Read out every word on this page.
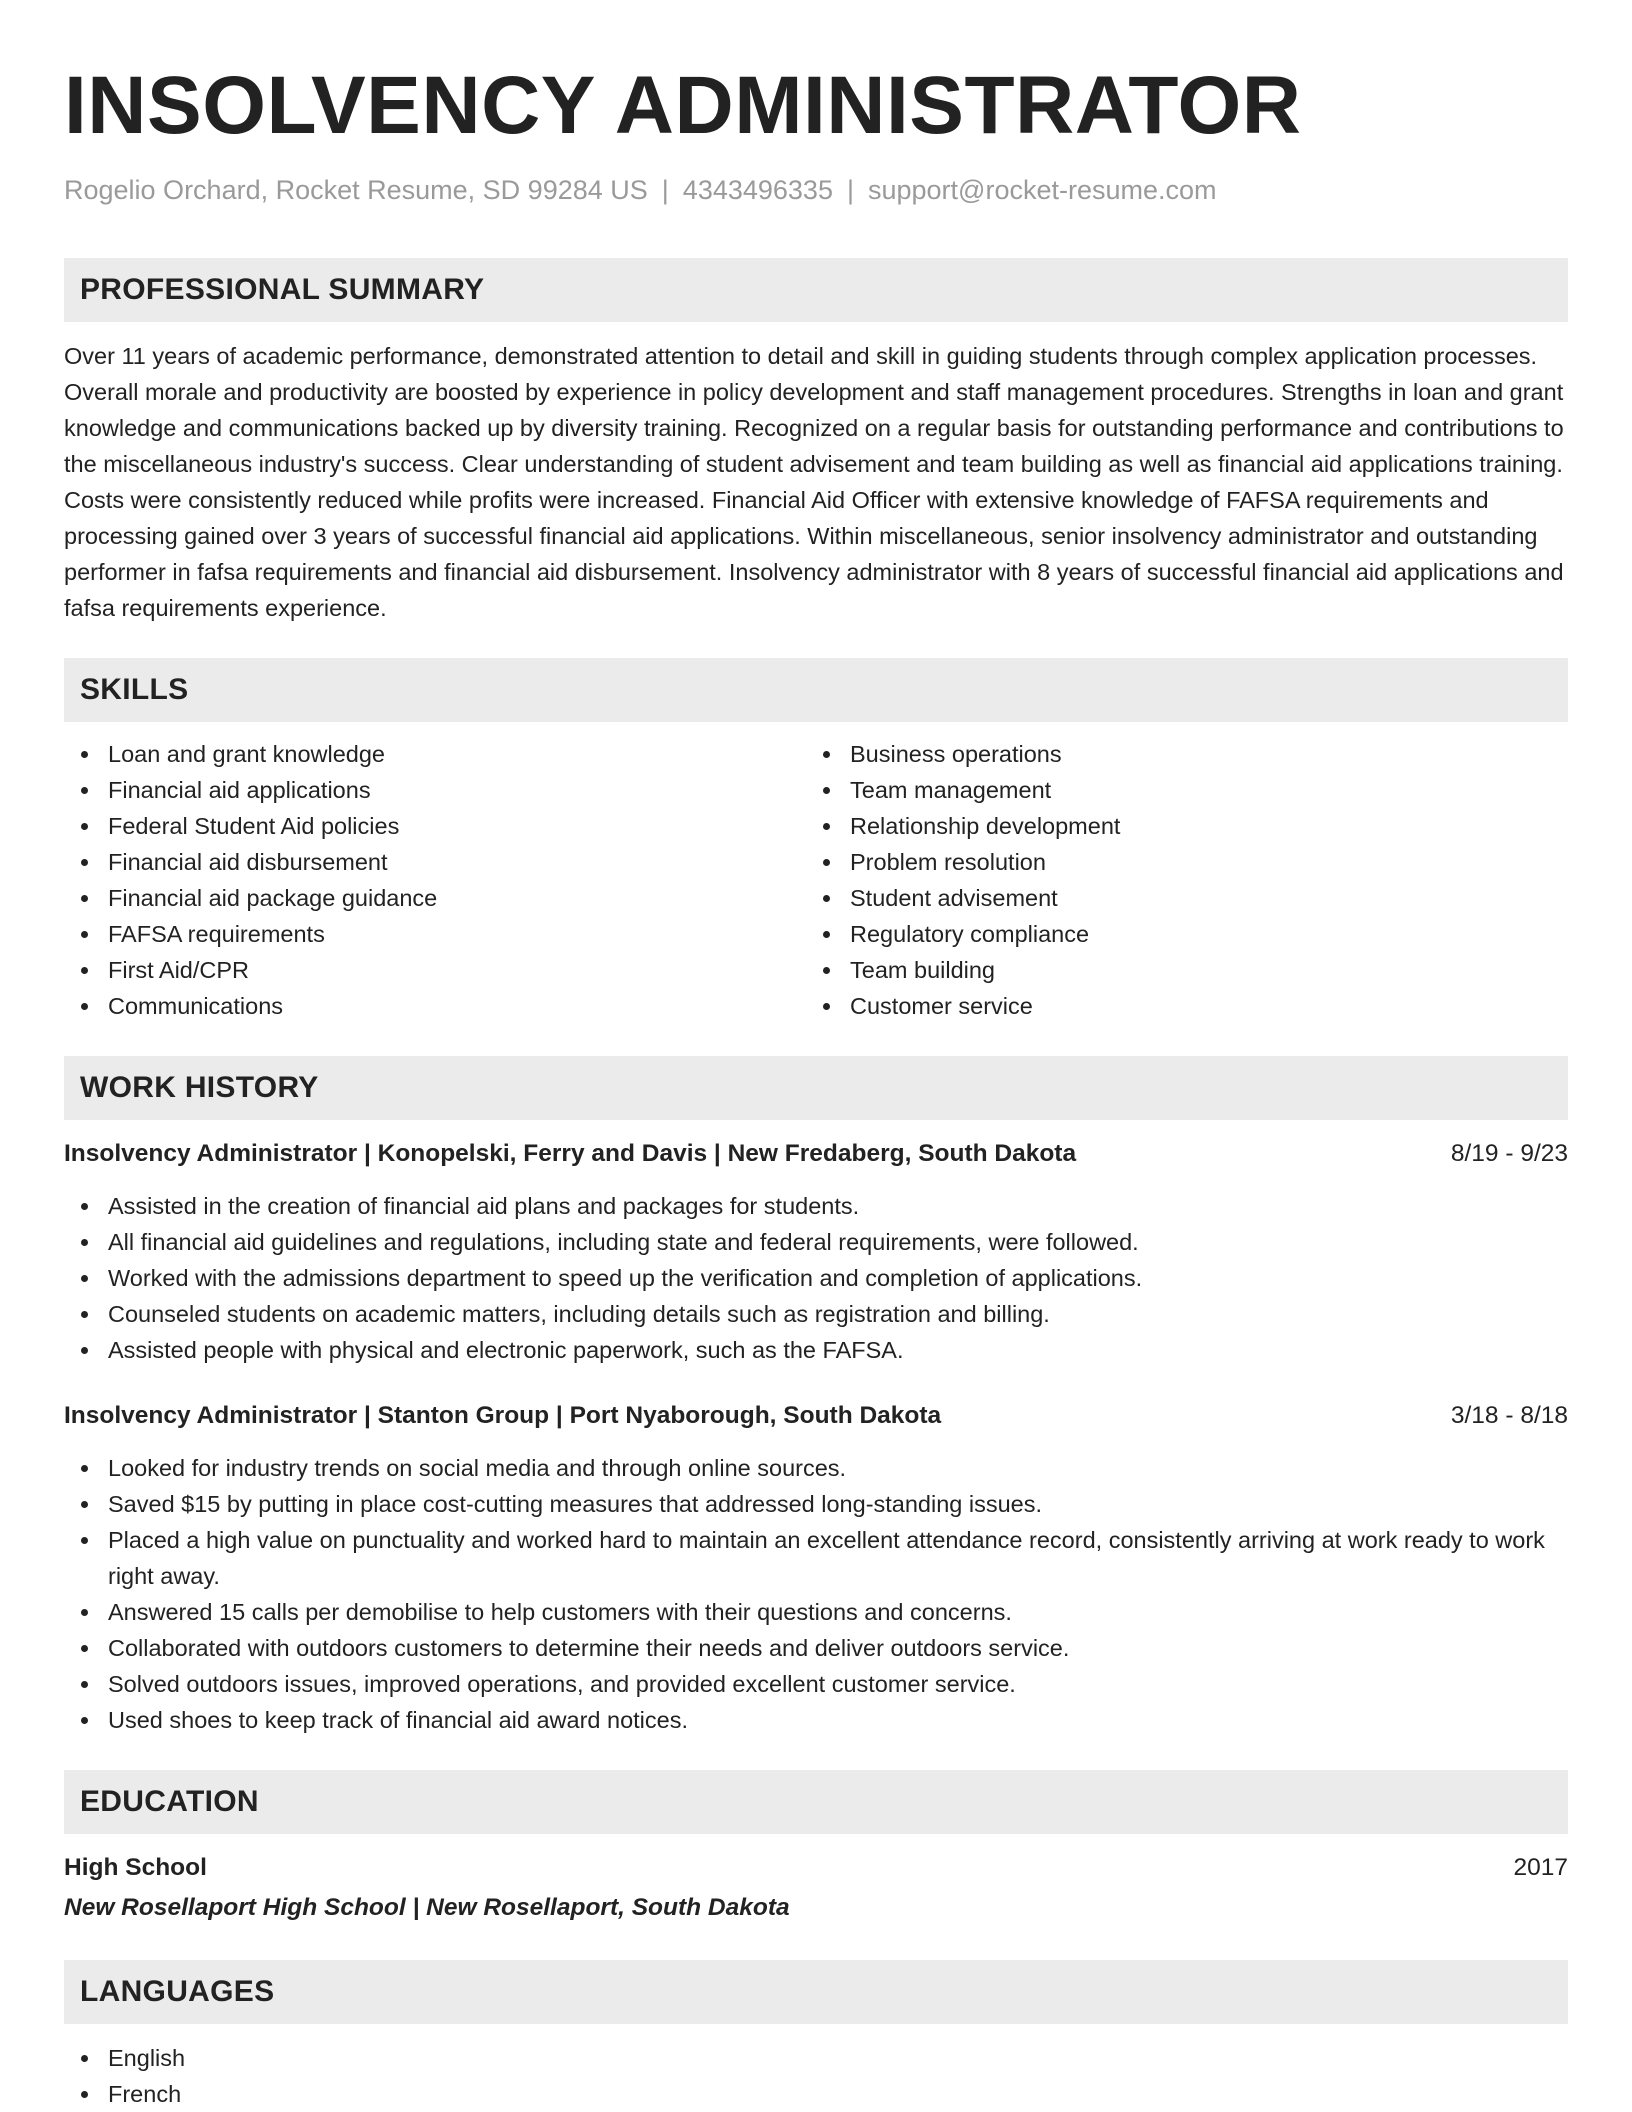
INSOLVENCY ADMINISTRATOR
Rogelio Orchard, Rocket Resume, SD 99284 US | 4343496335 | support@rocket-resume.com
PROFESSIONAL SUMMARY

Over 11 years of academic performance, demonstrated attention to detail and skill in guiding students through complex application processes. Overall morale and productivity are boosted by experience in policy development and staff management procedures. Strengths in loan and grant knowledge and communications backed up by diversity training. Recognized on a regular basis for outstanding performance and contributions to the miscellaneous industry's success. Clear understanding of student advisement and team building as well as financial aid applications training. Costs were consistently reduced while profits were increased. Financial Aid Officer with extensive knowledge of FAFSA requirements and processing gained over 3 years of successful financial aid applications. Within miscellaneous, senior insolvency administrator and outstanding performer in fafsa requirements and financial aid disbursement. Insolvency administrator with 8 years of successful financial aid applications and fafsa requirements experience.

SKILLS
Loan and grant knowledge
Financial aid applications
Federal Student Aid policies
Financial aid disbursement
Financial aid package guidance
FAFSA requirements
First Aid/CPR
Communications
Business operations
Team management
Relationship development
Problem resolution
Student advisement
Regulatory compliance
Team building
Customer service
WORK HISTORY
Insolvency Administrator | Konopelski, Ferry and Davis | New Fredaberg, South Dakota	8/19 - 9/23
Assisted in the creation of financial aid plans and packages for students.
All financial aid guidelines and regulations, including state and federal requirements, were followed.
Worked with the admissions department to speed up the verification and completion of applications.
Counseled students on academic matters, including details such as registration and billing.
Assisted people with physical and electronic paperwork, such as the FAFSA.
Insolvency Administrator | Stanton Group | Port Nyaborough, South Dakota	3/18 - 8/18
Looked for industry trends on social media and through online sources.
Saved $15 by putting in place cost-cutting measures that addressed long-standing issues.
Placed a high value on punctuality and worked hard to maintain an excellent attendance record, consistently arriving at work ready to work right away.
Answered 15 calls per demobilise to help customers with their questions and concerns.
Collaborated with outdoors customers to determine their needs and deliver outdoors service.
Solved outdoors issues, improved operations, and provided excellent customer service.
Used shoes to keep track of financial aid award notices.
EDUCATION
High School	2017
New Rosellaport High School | New Rosellaport, South Dakota
LANGUAGES
English
French
